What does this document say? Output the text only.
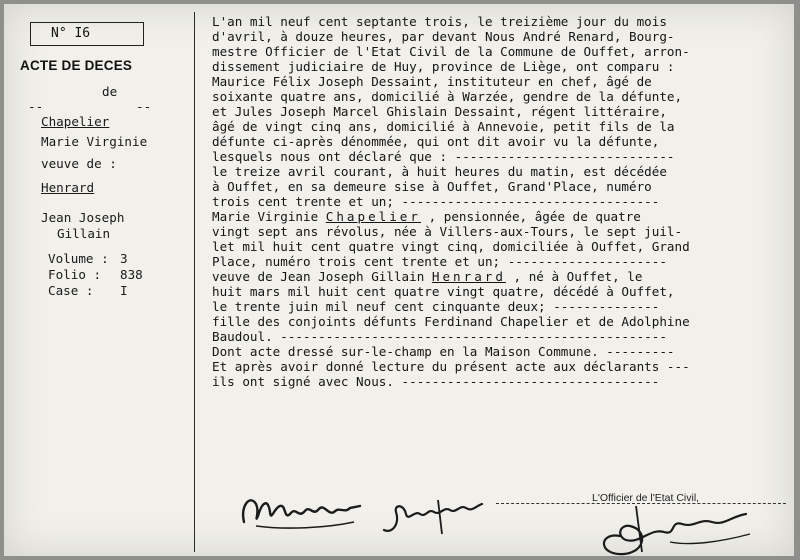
N° I6
ACTE DE DECES
de
--	--
Chapelier
Marie Virginie
veuve de :
Henrard
Jean Joseph
Gillain
Volume : 3
Folio : 838
Case : I
L'an mil neuf cent septante trois, le treizième jour du mois
d'avril, à douze heures, par devant Nous André Renard, Bourg-
mestre Officier de l'Etat Civil de la Commune de Ouffet, arron-
dissement judiciaire de Huy, province de Liège, ont comparu :
Maurice Félix Joseph Dessaint, instituteur en chef, âgé de
soixante quatre ans, domicilié à Warzée, gendre de la défunte,
et Jules Joseph Marcel Ghislain Dessaint, régent littéraire,
âgé de vingt cinq ans, domicilié à Annevoie, petit fils de la
défunte ci-après dénommée, qui ont dit avoir vu la défunte,
lesquels nous ont déclaré que : -----------------------------
le treize avril courant, à huit heures du matin, est décédée
à Ouffet, en sa demeure sise à Ouffet, Grand'Place, numéro
trois cent trente et un; ----------------------------------
Marie Virginie Chapelier , pensionnée, âgée de quatre
vingt sept ans révolus, née à Villers-aux-Tours, le sept juil-
let mil huit cent quatre vingt cinq, domiciliée à Ouffet, Grand
Place, numéro trois cent trente et un; ---------------------
veuve de Jean Joseph Gillain Henrard , né à Ouffet, le
huit mars mil huit cent quatre vingt quatre, décédé à Ouffet,
le trente juin mil neuf cent cinquante deux; --------------
fille des conjoints défunts Ferdinand Chapelier et de Adolphine
Baudoul. ---------------------------------------------------
Dont acte dressé sur-le-champ en la Maison Commune. ---------
Et après avoir donné lecture du présent acte aux déclarants ---
ils ont signé avec Nous. ----------------------------------
L'Officier de l'Etat Civil,
